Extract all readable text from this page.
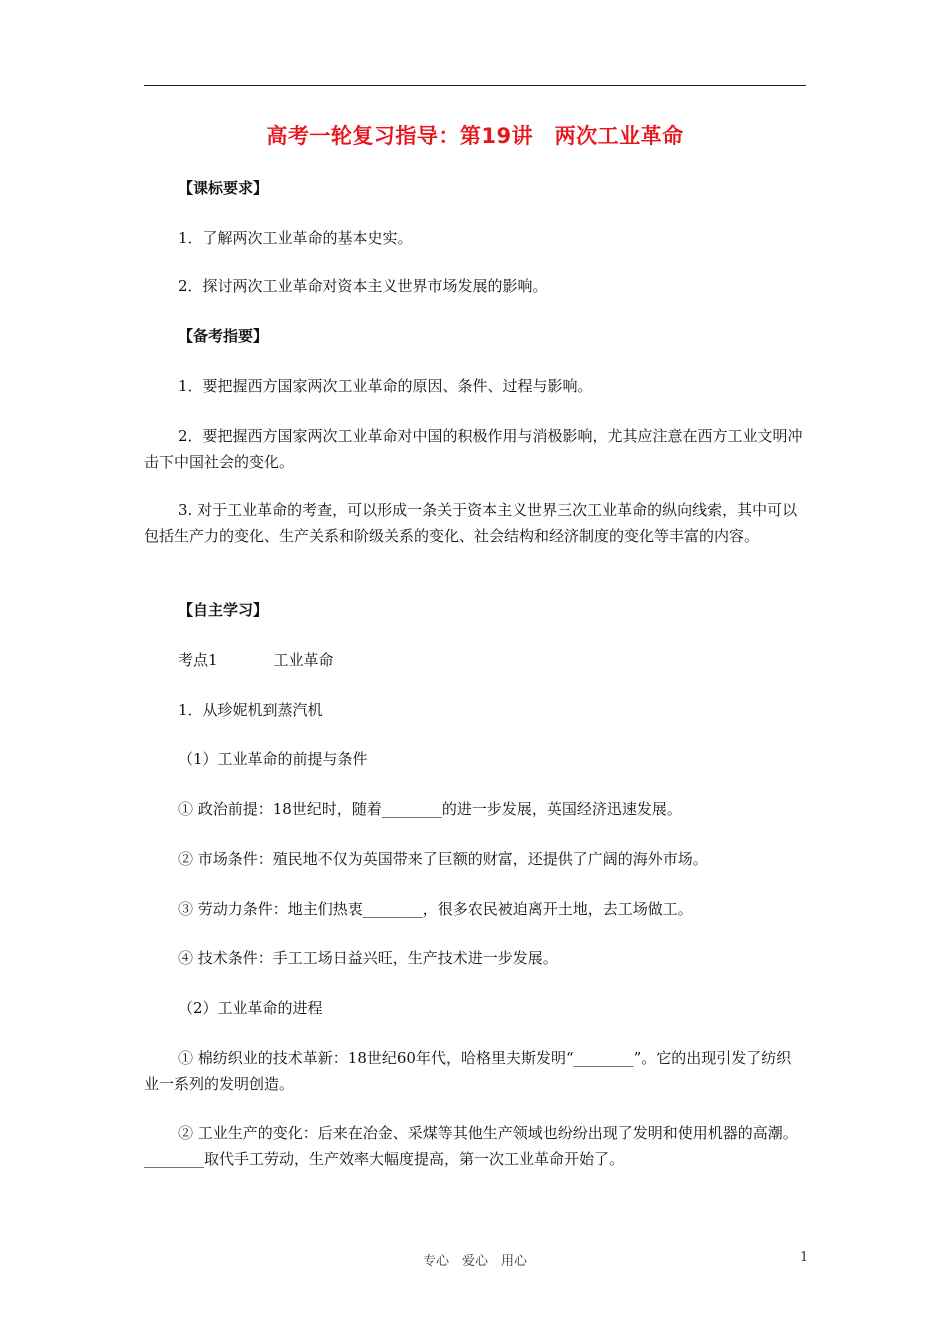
高考一轮复习指导：第19讲　两次工业革命
【课标要求】
1．了解两次工业革命的基本史实。
2．探讨两次工业革命对资本主义世界市场发展的影响。
【备考指要】
1．要把握西方国家两次工业革命的原因、条件、过程与影响。
2．要把握西方国家两次工业革命对中国的积极作用与消极影响，尤其应注意在西方工业文明冲击下中国社会的变化。
3. 对于工业革命的考查，可以形成一条关于资本主义世界三次工业革命的纵向线索，其中可以包括生产力的变化、生产关系和阶级关系的变化、社会结构和经济制度的变化等丰富的内容。
【自主学习】
考点1	工业革命
1．从珍妮机到蒸汽机
（1）工业革命的前提与条件
① 政治前提：18世纪时，随着________的进一步发展，英国经济迅速发展。
② 市场条件：殖民地不仅为英国带来了巨额的财富，还提供了广阔的海外市场。
③ 劳动力条件：地主们热衷________，很多农民被迫离开土地，去工场做工。
④ 技术条件：手工工场日益兴旺，生产技术进一步发展。
（2）工业革命的进程
① 棉纺织业的技术革新：18世纪60年代，哈格里夫斯发明“________”。它的出现引发了纺织业一系列的发明创造。
② 工业生产的变化：后来在冶金、采煤等其他生产领域也纷纷出现了发明和使用机器的高潮。________取代手工劳动，生产效率大幅度提高，第一次工业革命开始了。
专心　爱心　用心	1
